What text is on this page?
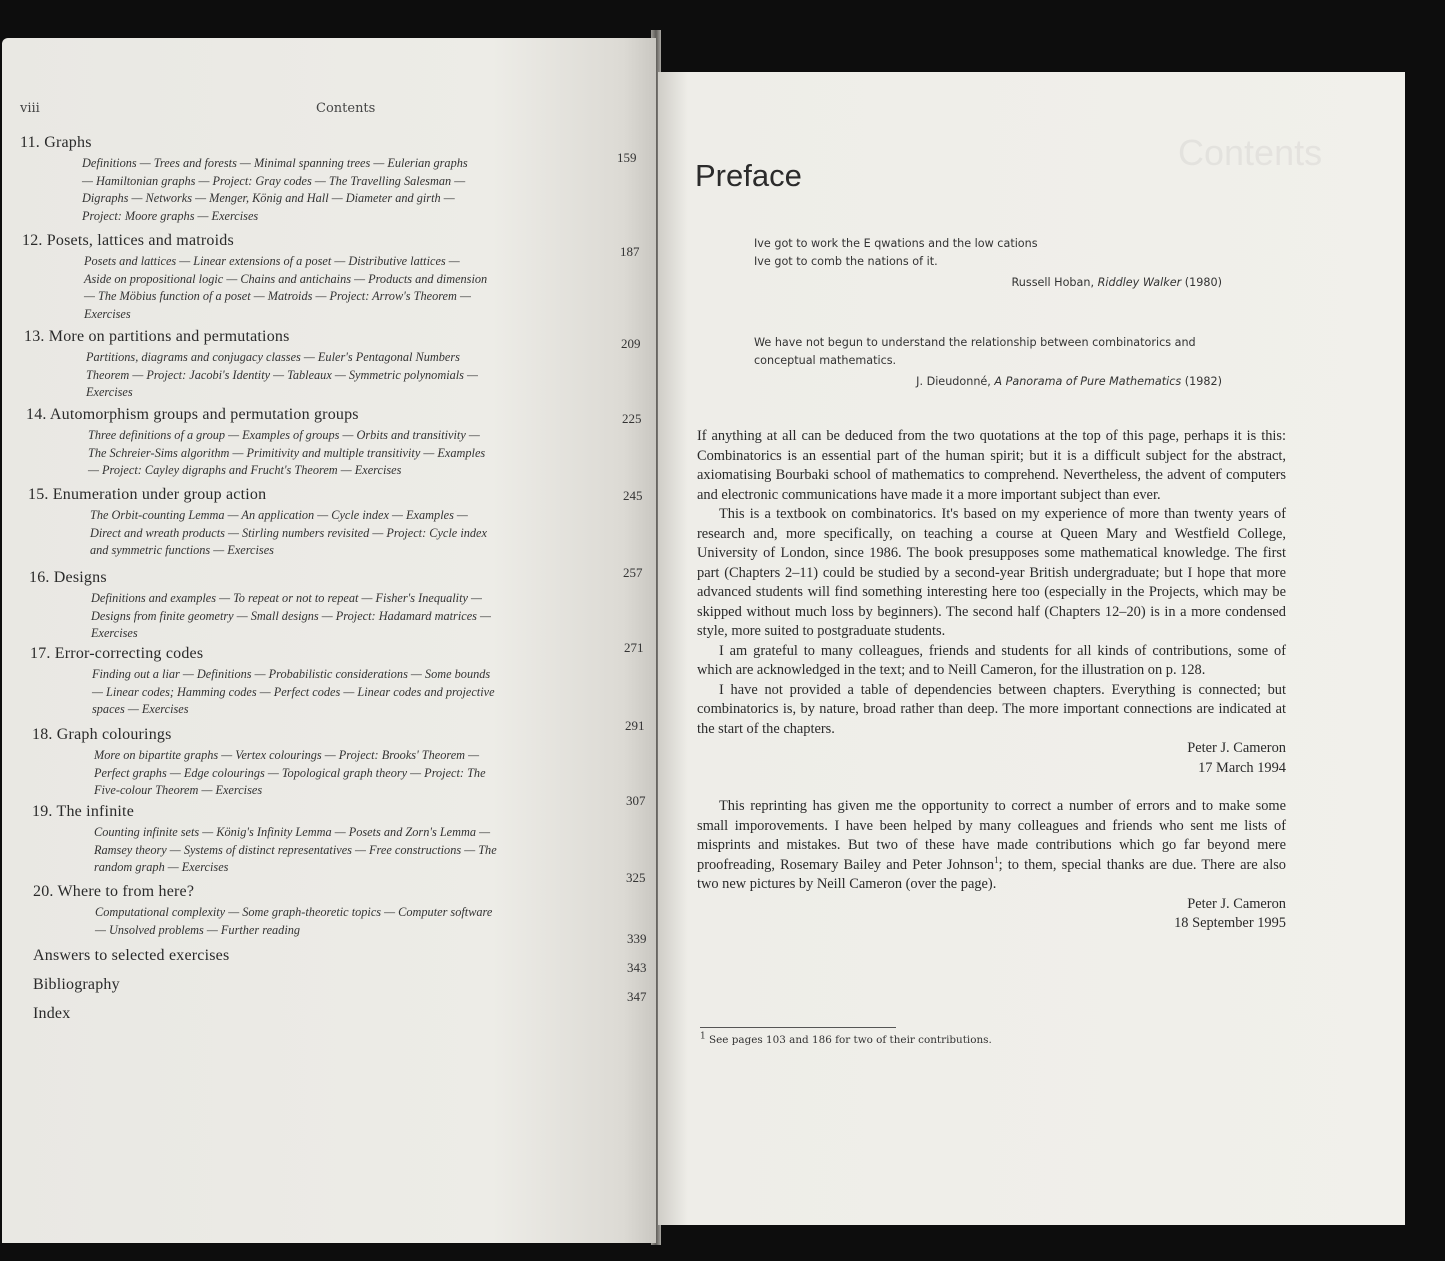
viii	Contents
11. Graphs
Definitions — Trees and forests — Minimal spanning trees — Eulerian graphs
— Hamiltonian graphs — Project: Gray codes — The Travelling Salesman —
Digraphs — Networks — Menger, König and Hall — Diameter and girth —
Project: Moore graphs — Exercises
159
12. Posets, lattices and matroids
Posets and lattices — Linear extensions of a poset — Distributive lattices —
Aside on propositional logic — Chains and antichains — Products and dimension
— The Möbius function of a poset — Matroids — Project: Arrow's Theorem —
Exercises
187
13. More on partitions and permutations
Partitions, diagrams and conjugacy classes — Euler's Pentagonal Numbers
Theorem — Project: Jacobi's Identity — Tableaux — Symmetric polynomials —
Exercises
209
14. Automorphism groups and permutation groups
Three definitions of a group — Examples of groups — Orbits and transitivity —
The Schreier-Sims algorithm — Primitivity and multiple transitivity — Examples
— Project: Cayley digraphs and Frucht's Theorem — Exercises
225
15. Enumeration under group action
The Orbit-counting Lemma — An application — Cycle index — Examples —
Direct and wreath products — Stirling numbers revisited — Project: Cycle index
and symmetric functions — Exercises
245
16. Designs
Definitions and examples — To repeat or not to repeat — Fisher's Inequality —
Designs from finite geometry — Small designs — Project: Hadamard matrices —
Exercises
257
17. Error-correcting codes
Finding out a liar — Definitions — Probabilistic considerations — Some bounds
— Linear codes; Hamming codes — Perfect codes — Linear codes and projective
spaces — Exercises
271
18. Graph colourings
More on bipartite graphs — Vertex colourings — Project: Brooks' Theorem —
Perfect graphs — Edge colourings — Topological graph theory — Project: The
Five-colour Theorem — Exercises
291
19. The infinite
Counting infinite sets — König's Infinity Lemma — Posets and Zorn's Lemma —
Ramsey theory — Systems of distinct representatives — Free constructions — The
random graph — Exercises
307
20. Where to from here?
Computational complexity — Some graph-theoretic topics — Computer software
— Unsolved problems — Further reading
325
Answers to selected exercises
339
Bibliography
343
Index
347
Contents
Preface
Ive got to work the E qwations and the low cations
Ive got to comb the nations of it.
Russell Hoban, Riddley Walker (1980)
We have not begun to understand the relationship between combinatorics and conceptual mathematics.
J. Dieudonné, A Panorama of Pure Mathematics (1982)

If anything at all can be deduced from the two quotations at the top of this page, perhaps it is this: Combinatorics is an essential part of the human spirit; but it is a difficult subject for the abstract, axiomatising Bourbaki school of mathematics to comprehend. Nevertheless, the advent of computers and electronic communications have made it a more important subject than ever.

This is a textbook on combinatorics. It's based on my experience of more than twenty years of research and, more specifically, on teaching a course at Queen Mary and Westfield College, University of London, since 1986. The book presupposes some mathematical knowledge. The first part (Chapters 2–11) could be studied by a second-year British undergraduate; but I hope that more advanced students will find something interesting here too (especially in the Projects, which may be skipped without much loss by beginners). The second half (Chapters 12–20) is in a more condensed style, more suited to postgraduate students.

I am grateful to many colleagues, friends and students for all kinds of contributions, some of which are acknowledged in the text; and to Neill Cameron, for the illustration on p. 128.

I have not provided a table of dependencies between chapters. Everything is connected; but combinatorics is, by nature, broad rather than deep. The more important connections are indicated at the start of the chapters.

Peter J. Cameron
17 March 1994

This reprinting has given me the opportunity to correct a number of errors and to make some small imporovements. I have been helped by many colleagues and friends who sent me lists of misprints and mistakes. But two of these have made contributions which go far beyond mere proofreading, Rosemary Bailey and Peter Johnson$^1$; to them, special thanks are due. There are also two new pictures by Neill Cameron (over the page).

Peter J. Cameron
18 September 1995
$^1$ See pages 103 and 186 for two of their contributions.
